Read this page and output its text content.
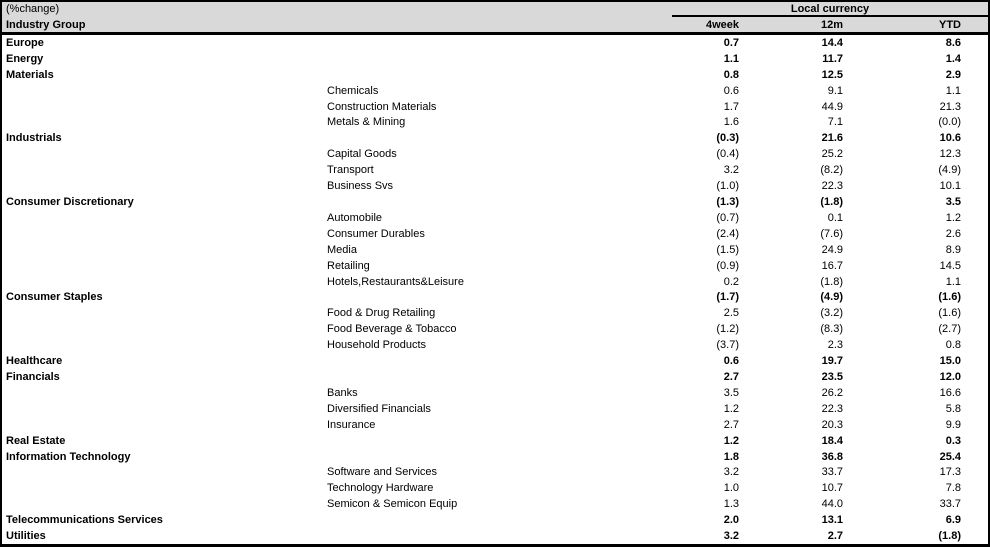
(%change)	Local currency
Industry Group	4week	12m	YTD
Europe	0.7	14.4	8.6
Energy	1.1	11.7	1.4
Materials	0.8	12.5	2.9
Chemicals	0.6	9.1	1.1
Construction Materials	1.7	44.9	21.3
Metals & Mining	1.6	7.1	(0.0)
Industrials	(0.3)	21.6	10.6
Capital Goods	(0.4)	25.2	12.3
Transport	3.2	(8.2)	(4.9)
Business Svs	(1.0)	22.3	10.1
Consumer Discretionary	(1.3)	(1.8)	3.5
Automobile	(0.7)	0.1	1.2
Consumer Durables	(2.4)	(7.6)	2.6
Media	(1.5)	24.9	8.9
Retailing	(0.9)	16.7	14.5
Hotels,Restaurants&Leisure	0.2	(1.8)	1.1
Consumer Staples	(1.7)	(4.9)	(1.6)
Food & Drug Retailing	2.5	(3.2)	(1.6)
Food Beverage & Tobacco	(1.2)	(8.3)	(2.7)
Household Products	(3.7)	2.3	0.8
Healthcare	0.6	19.7	15.0
Financials	2.7	23.5	12.0
Banks	3.5	26.2	16.6
Diversified Financials	1.2	22.3	5.8
Insurance	2.7	20.3	9.9
Real Estate	1.2	18.4	0.3
Information Technology	1.8	36.8	25.4
Software and Services	3.2	33.7	17.3
Technology Hardware	1.0	10.7	7.8
Semicon & Semicon Equip	1.3	44.0	33.7
Telecommunications Services	2.0	13.1	6.9
Utilities	3.2	2.7	(1.8)
